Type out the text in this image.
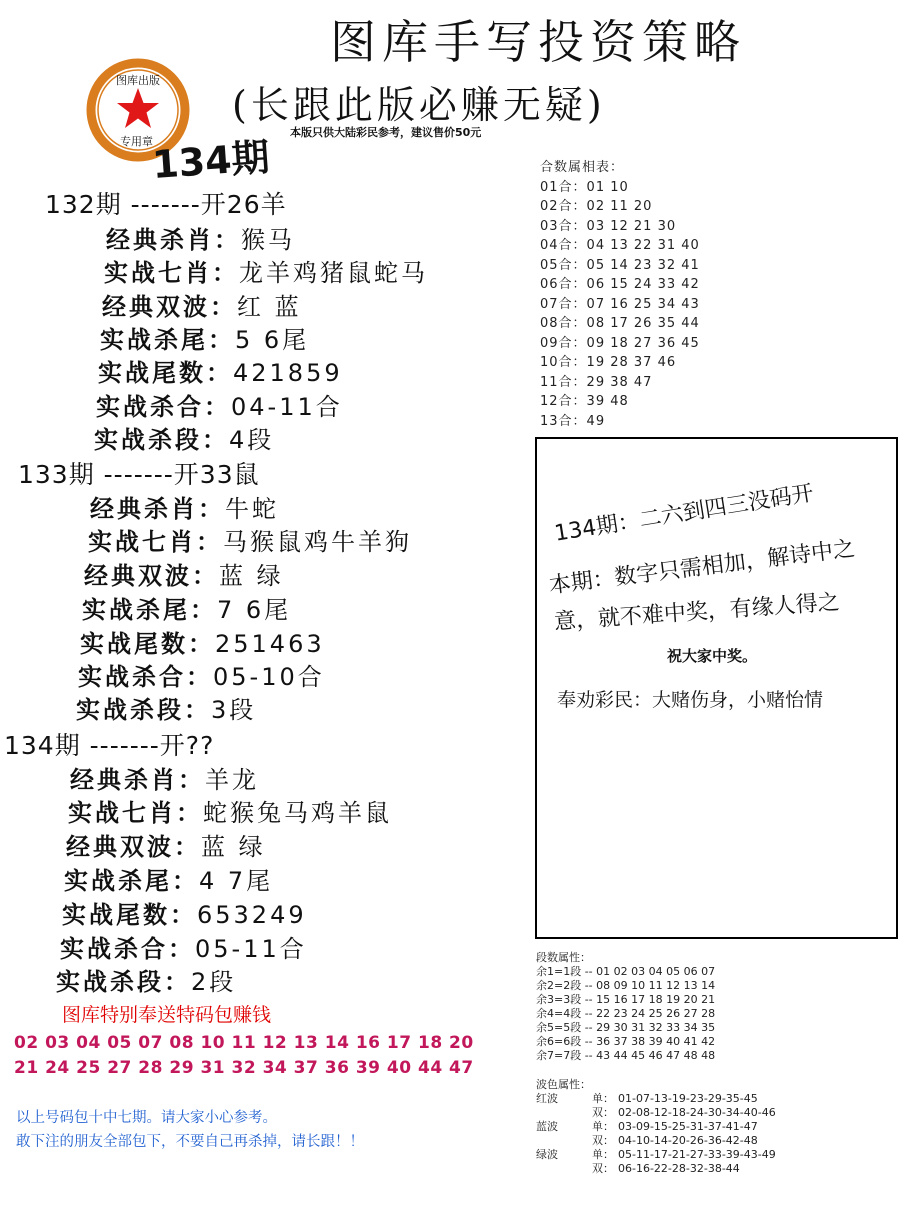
图库手写投资策略
(长跟此版必赚无疑)
本版只供大陆彩民参考，建议售价50元
图库出版
专用章
134期
132期 -------开26羊
经典杀肖：猴马
实战七肖：龙羊鸡猪鼠蛇马
经典双波：红 蓝
实战杀尾：5 6尾
实战尾数：421859
实战杀合：04-11合
实战杀段：4段
133期 -------开33鼠
经典杀肖：牛蛇
实战七肖：马猴鼠鸡牛羊狗
经典双波：蓝 绿
实战杀尾：7 6尾
实战尾数：251463
实战杀合：05-10合
实战杀段：3段
134期 -------开??
经典杀肖：羊龙
实战七肖：蛇猴兔马鸡羊鼠
经典双波：蓝 绿
实战杀尾：4 7尾
实战尾数：653249
实战杀合：05-11合
实战杀段：2段
合数属相表：
01合：01 10
02合：02 11 20
03合：03 12 21 30
04合：04 13 22 31 40
05合：05 14 23 32 41
06合：06 15 24 33 42
07合：07 16 25 34 43
08合：08 17 26 35 44
09合：09 18 27 36 45
10合：19 28 37 46
11合：29 38 47
12合：39 48
13合：49
134期：二六到四三没码开
本期：数字只需相加，解诗中之
意，就不难中奖，有缘人得之
祝大家中奖。
奉劝彩民：大赌伤身，小赌怡情
图库特别奉送特码包赚钱
02 03 04 05 07 08 10 11 12 13 14 16 17 18 20
21 24 25 27 28 29 31 32 34 37 36 39 40 44 47
以上号码包十中七期。请大家小心参考。
敢下注的朋友全部包下，不要自己再杀掉，请长跟！！
段数属性：
余1=1段 -- 01 02 03 04 05 06 07
余2=2段 -- 08 09 10 11 12 13 14
余3=3段 -- 15 16 17 18 19 20 21
余4=4段 -- 22 23 24 25 26 27 28
余5=5段 -- 29 30 31 32 33 34 35
余6=6段 -- 36 37 38 39 40 41 42
余7=7段 -- 43 44 45 46 47 48 48
波色属性：
红波	单： 01-07-13-19-23-29-35-45
双： 02-08-12-18-24-30-34-40-46
蓝波	单： 03-09-15-25-31-37-41-47
双： 04-10-14-20-26-36-42-48
绿波	单： 05-11-17-21-27-33-39-43-49
双： 06-16-22-28-32-38-44
